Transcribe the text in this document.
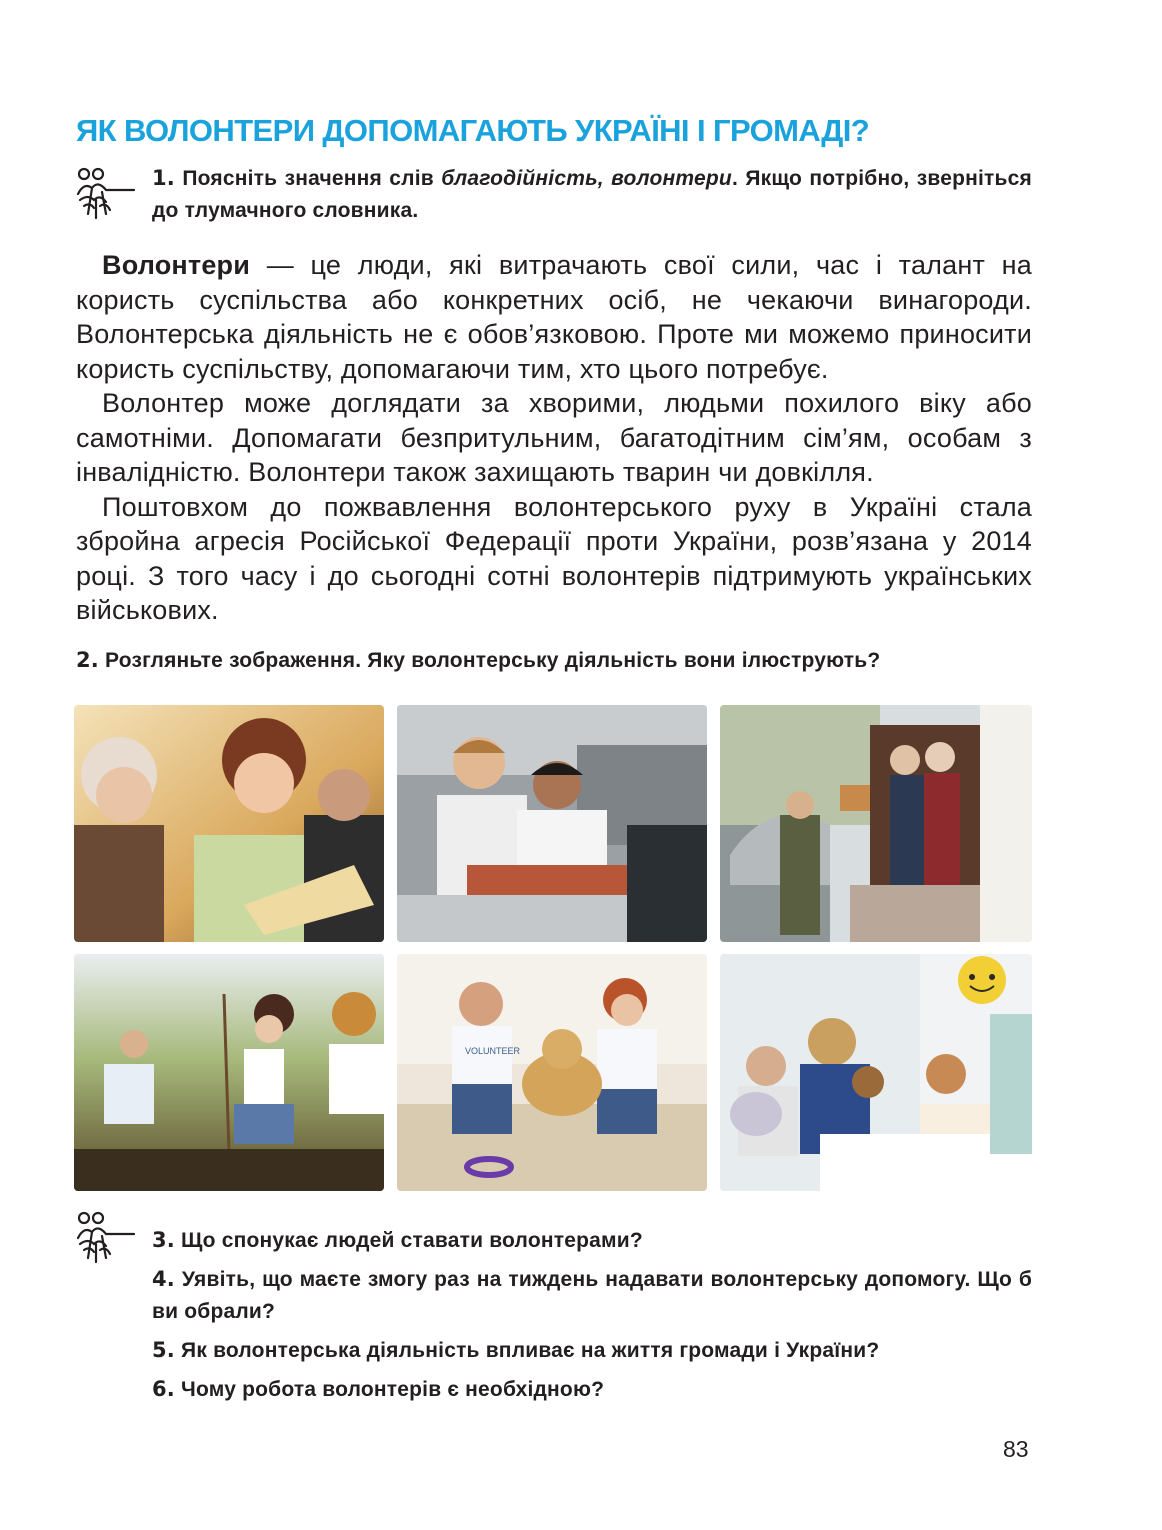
ЯК ВОЛОНТЕРИ ДОПОМАГАЮТЬ УКРАЇНІ І ГРОМАДІ?
1. Поясніть значення слів благодійність, волонтери. Якщо потрібно, зверніться до тлумачного словника.

Волонтери — це люди, які витрачають свої сили, час і талант на користь суспільства або конкретних осіб, не чекаючи винагороди. Волонтерська діяльність не є обов’язковою. Проте ми можемо приносити користь суспільству, допомагаючи тим, хто цього потребує.

Волонтер може доглядати за хворими, людьми похилого віку або самотніми. Допомагати безпритульним, багатодітним сім’ям, особам з інвалідністю. Волонтери також захищають тварин чи довкілля.

Поштовхом до пожвавлення волонтерського руху в Україні стала збройна агресія Російської Федерації проти України, розв’язана у 2014 році. З того часу і до сьогодні сотні волонтерів підтримують українських військових.

2. Розгляньте зображення. Яку волонтерську діяльність вони ілюструють?
VOLUNTEER
3. Що спонукає людей ставати волонтерами?
4. Уявіть, що маєте змогу раз на тиждень надавати волонтерську допомогу. Що б ви обрали?
5. Як волонтерська діяльність впливає на життя громади і України?
6. Чому робота волонтерів є необхідною?
83
